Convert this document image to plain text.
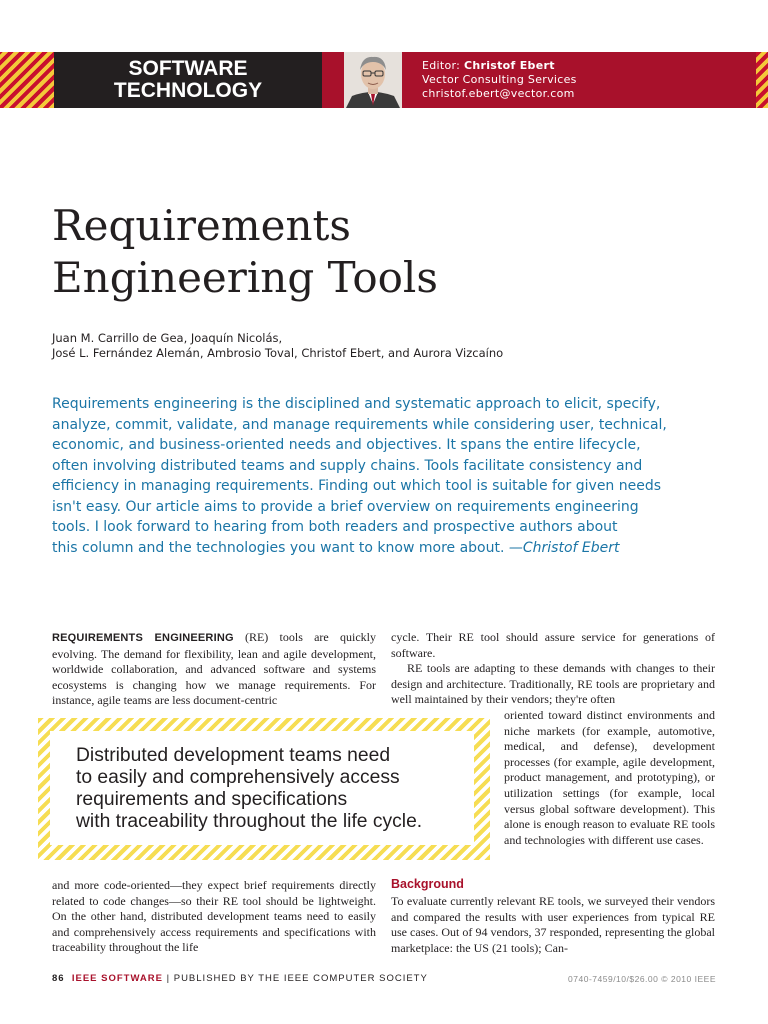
SOFTWARE
TECHNOLOGY
Editor: Christof Ebert
Vector Consulting Services
christof.ebert@vector.com
Requirements
Engineering Tools
Juan M. Carrillo de Gea, Joaquín Nicolás,
José L. Fernández Alemán, Ambrosio Toval, Christof Ebert, and Aurora Vizcaíno
Requirements engineering is the disciplined and systematic approach to elicit, specify,
analyze, commit, validate, and manage requirements while considering user, technical,
economic, and business-oriented needs and objectives. It spans the entire lifecycle,
often involving distributed teams and supply chains. Tools facilitate consistency and
efficiency in managing requirements. Finding out which tool is suitable for given needs
isn't easy. Our article aims to provide a brief overview on requirements engineering
tools. I look forward to hearing from both readers and prospective authors about
this column and the technologies you want to know more about. —Christof Ebert

REQUIREMENTS ENGINEERING (RE) tools are quickly evolving. The demand for flexibility, lean and agile development, worldwide collaboration, and advanced software and systems ecosystems is changing how we manage requirements. For instance, agile teams are less document-centric

cycle. Their RE tool should assure service for generations of software.

RE tools are adapting to these demands with changes to their design and architecture. Traditionally, RE tools are proprietary and well maintained by their vendors; they're often

oriented toward distinct environments and niche markets (for example, automotive, medical, and defense), development processes (for example, agile development, product management, and prototyping), or utilization settings (for example, local versus global software development). This alone is enough reason to evaluate RE tools and technologies with different use cases.

Distributed development teams need
to easily and comprehensively access
requirements and specifications
with traceability throughout the life cycle.

and more code-oriented—they expect brief requirements directly related to code changes—so their RE tool should be lightweight. On the other hand, distributed development teams need to easily and comprehensively access requirements and specifications with traceability throughout the life

Background

To evaluate currently relevant RE tools, we surveyed their vendors and compared the results with user experiences from typical RE use cases. Out of 94 vendors, 37 responded, representing the global marketplace: the US (21 tools); Can-

86 IEEE SOFTWARE | PUBLISHED BY THE IEEE COMPUTER SOCIETY	0740-7459/10/$26.00 © 2010 IEEE
